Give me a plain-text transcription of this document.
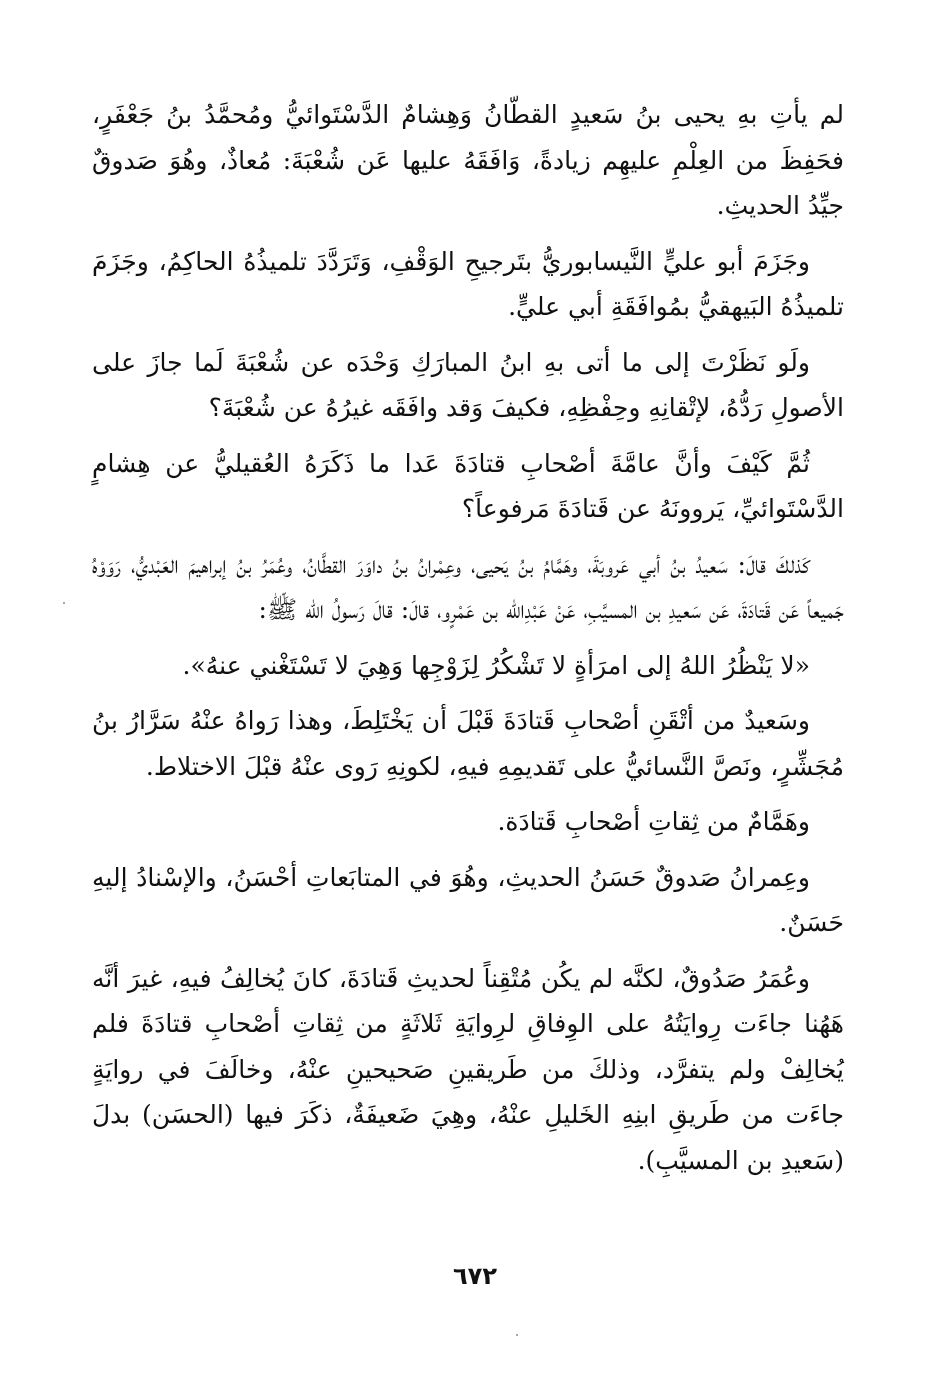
لم يأتِ بهِ يحيى بنُ سَعيدٍ القطّانُ وَهِشامٌ الدَّسْتَوائيُّ ومُحمَّدُ بنُ جَعْفَرٍ، فحَفِظَ من العِلْمِ عليهِم زيادةً، وَافَقَهُ عليها عَن شُعْبَةَ: مُعاذٌ، وهُوَ صَدوقٌ جيِّدُ الحديثِ.

وجَزَمَ أبو عليٍّ النَّيسابوريُّ بتَرجيحِ الوَقْفِ، وَتَرَدَّدَ تلميذُهُ الحاكِمُ، وجَزَمَ تلميذُهُ البَيهقيُّ بمُوافَقَةِ أبي عليٍّ.

ولَو نَظَرْتَ إلى ما أتى بهِ ابنُ المبارَكِ وَحْدَه عن شُعْبَةَ لَما جازَ على الأصولِ رَدُّهُ، لإتْقانِهِ وحِفْظِهِ، فكيفَ وَقد وافَقَه غيرُهُ عن شُعْبَةَ؟

ثُمَّ كَيْفَ وأنَّ عامَّةَ أصْحابِ قتادَةَ عَدا ما ذَكَرَهُ العُقيليُّ عن هِشامٍ الدَّسْتَوائيِّ، يَروونَهُ عن قَتادَةَ مَرفوعاً؟

كَذلكَ قالَ: سَعيدُ بنُ أبي عَروبَةَ، وهَمَّامُ بنُ يَحيى، وعِمْرانُ بنُ داوَرَ القطَّانُ، وعُمَرُ بنُ إبراهيمَ العَبْديُّ، رَوَوْهُ جَميعاً عَن قَتادَةَ، عَن سَعيدِ بن المسيَّبِ، عَنْ عَبْدِالله بن عَمْرٍو، قالَ: قالَ رَسولُ الله ﷺ:

«لا يَنْظُرُ اللهُ إلى امرَأةٍ لا تَشْكُرُ لِزَوْجِها وَهِيَ لا تَسْتَغْني عنهُ».

وسَعيدٌ من أتْقَنِ أصْحابِ قَتادَةَ قَبْلَ أن يَخْتَلِطَ، وهذا رَواهُ عنْهُ سَرَّارُ بنُ مُجَشِّرٍ، ونَصَّ النَّسائيُّ على تَقديمِهِ فيهِ، لكونِهِ رَوى عنْهُ قبْلَ الاختلاط.

وهَمَّامٌ من ثِقاتِ أصْحابِ قَتادَة.

وعِمرانُ صَدوقٌ حَسَنُ الحديثِ، وهُوَ في المتابَعاتِ أحْسَنُ، والإسْنادُ إليهِ حَسَنٌ.

وعُمَرُ صَدُوقٌ، لكنَّه لم يكُن مُتْقِناً لحديثِ قَتادَةَ، كانَ يُخالِفُ فيهِ، غيرَ أنَّه هَهُنا جاءَت رِوايَتُهُ على الوِفاقِ لرِوايَةِ ثَلاثَةٍ من ثِقاتِ أصْحابِ قتادَةَ فلم يُخالِفْ ولم يتفرَّد، وذلكَ من طَريقينِ صَحيحينِ عنْهُ، وخالَفَ في روايَةٍ جاءَت من طَريقِ ابنِهِ الخَليلِ عنْهُ، وهِيَ ضَعيفَةٌ، ذكَرَ فيها (الحسَن) بدلَ (سَعيدِ بن المسيَّبِ).

٦٧٢
